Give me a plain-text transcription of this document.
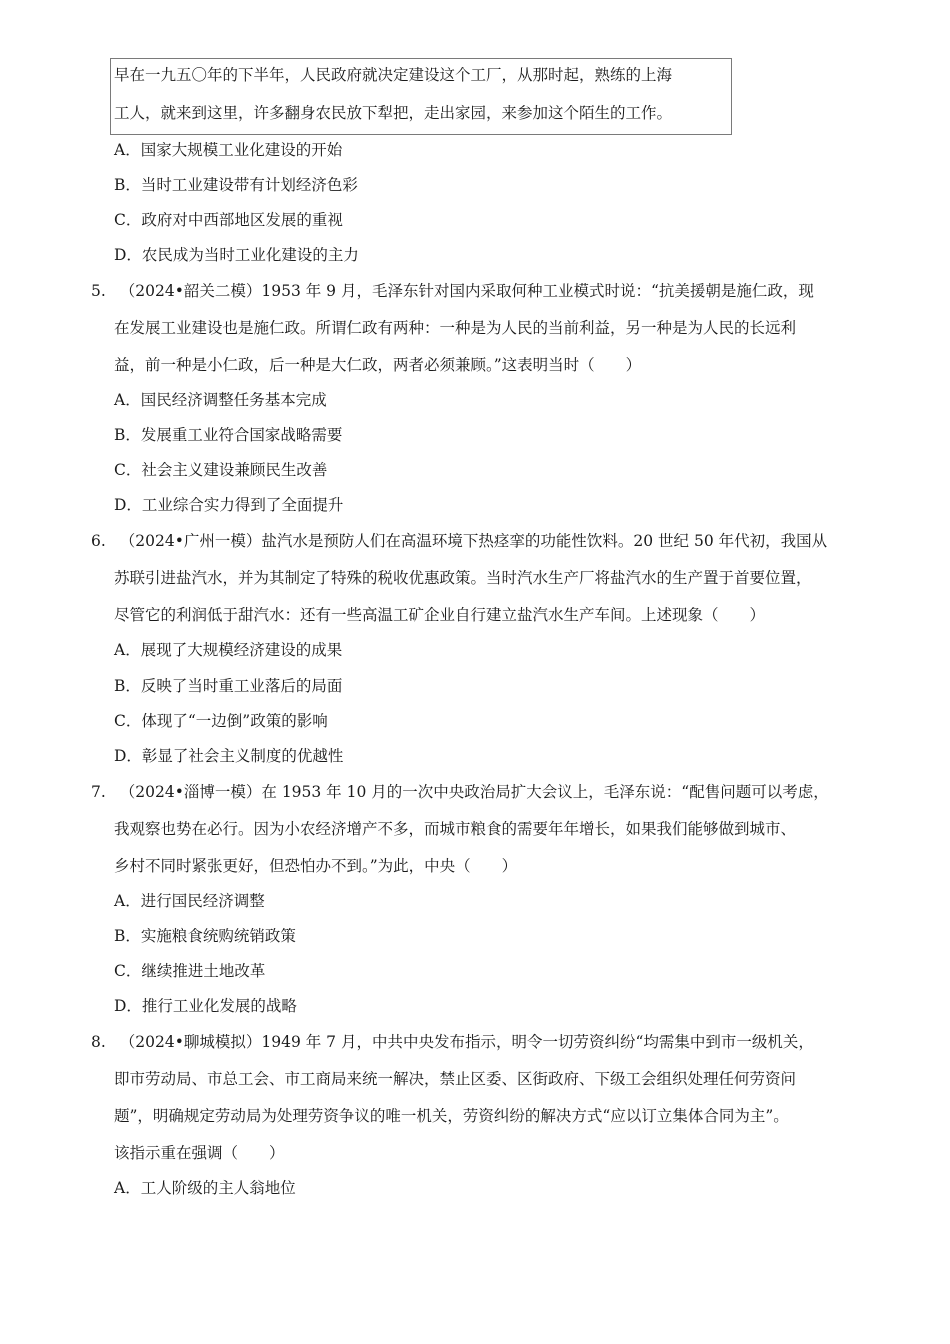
早在一九五〇年的下半年，人民政府就决定建设这个工厂，从那时起，熟练的上海
工人，就来到这里，许多翻身农民放下犁把，走出家园，来参加这个陌生的工作。
A．国家大规模工业化建设的开始
B．当时工业建设带有计划经济色彩
C．政府对中西部地区发展的重视
D．农民成为当时工业化建设的主力
5. （2024•韶关二模）1953 年 9 月，毛泽东针对国内采取何种工业模式时说：“抗美援朝是施仁政，现
在发展工业建设也是施仁政。所谓仁政有两种：一种是为人民的当前利益，另一种是为人民的长远利
益，前一种是小仁政，后一种是大仁政，两者必须兼顾。”这表明当时（　　）
A．国民经济调整任务基本完成
B．发展重工业符合国家战略需要
C．社会主义建设兼顾民生改善
D．工业综合实力得到了全面提升
6. （2024•广州一模）盐汽水是预防人们在高温环境下热痉挛的功能性饮料。20 世纪 50 年代初，我国从
苏联引进盐汽水，并为其制定了特殊的税收优惠政策。当时汽水生产厂将盐汽水的生产置于首要位置，
尽管它的利润低于甜汽水：还有一些高温工矿企业自行建立盐汽水生产车间。上述现象（　　）
A．展现了大规模经济建设的成果
B．反映了当时重工业落后的局面
C．体现了“一边倒”政策的影响
D．彰显了社会主义制度的优越性
7. （2024•淄博一模）在 1953 年 10 月的一次中央政治局扩大会议上，毛泽东说：“配售问题可以考虑，
我观察也势在必行。因为小农经济增产不多，而城市粮食的需要年年增长，如果我们能够做到城市、
乡村不同时紧张更好，但恐怕办不到。”为此，中央（　　）
A．进行国民经济调整
B．实施粮食统购统销政策
C．继续推进土地改革
D．推行工业化发展的战略
8. （2024•聊城模拟）1949 年 7 月，中共中央发布指示，明令一切劳资纠纷“均需集中到市一级机关，
即市劳动局、市总工会、市工商局来统一解决，禁止区委、区街政府、下级工会组织处理任何劳资问
题”，明确规定劳动局为处理劳资争议的唯一机关，劳资纠纷的解决方式“应以订立集体合同为主”。
该指示重在强调（　　）
A．工人阶级的主人翁地位
